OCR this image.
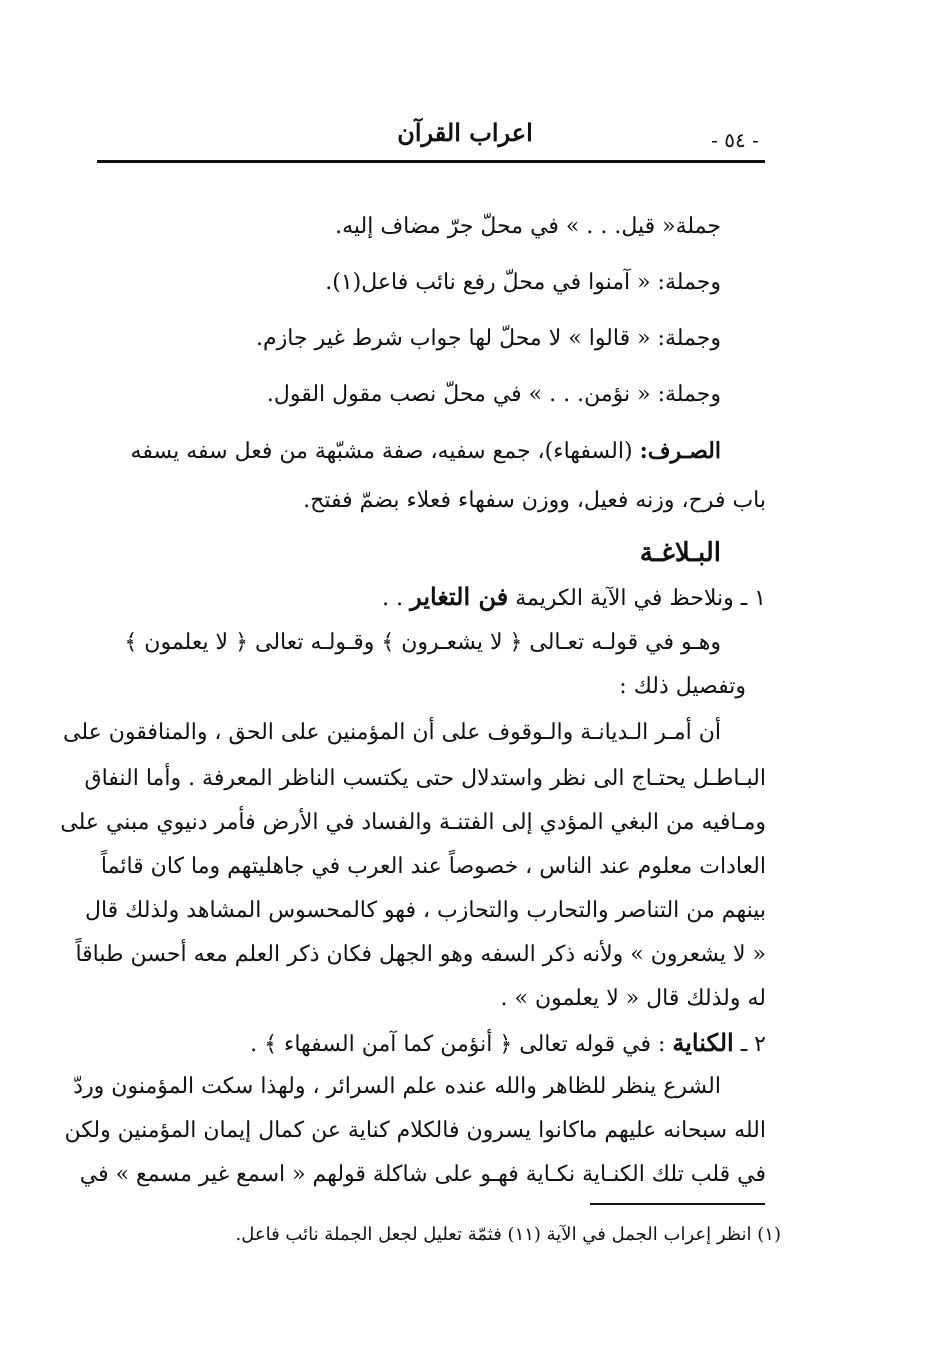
اعراب القرآن	- ٥٤ -
جملة« قيل. . . » في محلّ جرّ مضاف إليه.
وجملة: « آمنوا في محلّ رفع نائب فاعل(١).
وجملة: « قالوا » لا محلّ لها جواب شرط غير جازم.
وجملة: « نؤمن. . . » في محلّ نصب مقول القول.
الصـرف: (السفهاء)، جمع سفيه، صفة مشبّهة من فعل سفه يسفه
باب فرح، وزنه فعيل، ووزن سفهاء فعلاء بضمّ ففتح.
البـلاغـة
١ ـ ونلاحظ في الآية الكريمة فن التغاير . .
وهـو في قولـه تعـالى ﴿ لا يشعـرون ﴾ وقـولـه تعالى ﴿ لا يعلمون ﴾
وتفصيل ذلك :
أن أمـر الـديانـة والـوقوف على أن المؤمنين على الحق ، والمنافقون على
البـاطـل يحتـاج الى نظر واستدلال حتى يكتسب الناظر المعرفة . وأما النفاق
ومـافيه من البغي المؤدي إلى الفتنـة والفساد في الأرض فأمر دنيوي مبني على
العادات معلوم عند الناس ، خصوصاً عند العرب في جاهليتهم وما كان قائماً
بينهم من التناصر والتحارب والتحازب ، فهو كالمحسوس المشاهد ولذلك قال
« لا يشعرون » ولأنه ذكر السفه وهو الجهل فكان ذكر العلم معه أحسن طباقاً
له ولذلك قال « لا يعلمون » .
٢ ـ الكناية : في قوله تعالى ﴿ أنؤمن كما آمن السفهاء ﴾ .
الشرع ينظر للظاهر والله عنده علم السرائر ، ولهذا سكت المؤمنون وردّ
الله سبحانه عليهم ماكانوا يسرون فالكلام كناية عن كمال إيمان المؤمنين ولكن
في قلب تلك الكنـاية نكـاية فهـو على شاكلة قولهم « اسمع غير مسمع » في
(١) انظر إعراب الجمل في الآية (١١) فثمّة تعليل لجعل الجملة نائب فاعل.
